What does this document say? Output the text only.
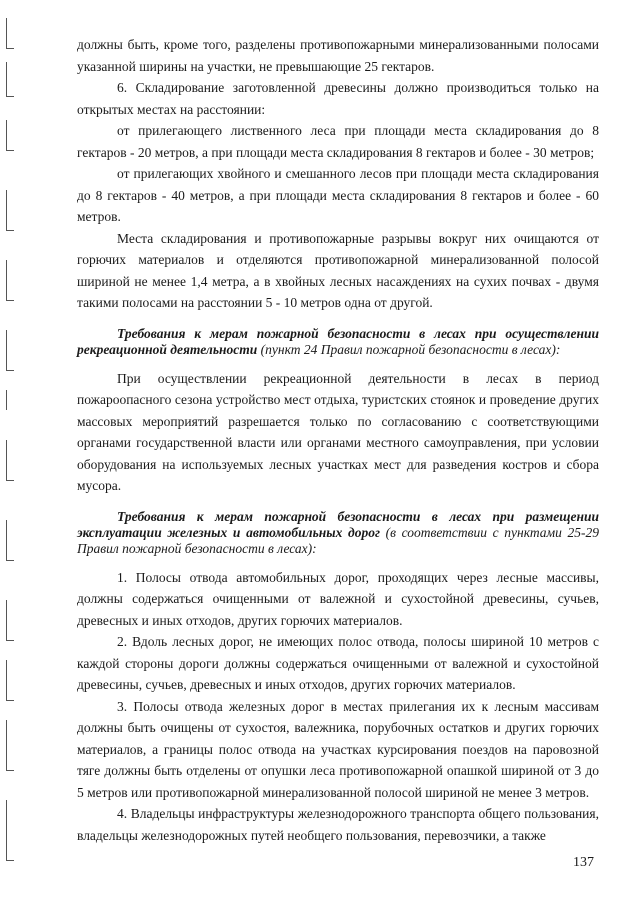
должны быть, кроме того, разделены противопожарными минерализованными полосами указанной ширины на участки, не превышающие 25 гектаров.

6. Складирование заготовленной древесины должно производиться только на открытых местах на расстоянии:

от прилегающего лиственного леса при площади места складирования до 8 гектаров - 20 метров, а при площади места складирования 8 гектаров и более - 30 метров;

от прилегающих хвойного и смешанного лесов при площади места складирования до 8 гектаров - 40 метров, а при площади места складирования 8 гектаров и более - 60 метров.

Места складирования и противопожарные разрывы вокруг них очищаются от горючих материалов и отделяются противопожарной минерализованной полосой шириной не менее 1,4 метра, а в хвойных лесных насаждениях на сухих почвах - двумя такими полосами на расстоянии 5 - 10 метров одна от другой.

Требования к мерам пожарной безопасности в лесах при осуществлении рекреационной деятельности (пункт 24 Правил пожарной безопасности в лесах):

При осуществлении рекреационной деятельности в лесах в период пожароопасного сезона устройство мест отдыха, туристских стоянок и проведение других массовых мероприятий разрешается только по согласованию с соответствующими органами государственной власти или органами местного самоуправления, при условии оборудования на используемых лесных участках мест для разведения костров и сбора мусора.

Требования к мерам пожарной безопасности в лесах при размещении эксплуатации железных и автомобильных дорог (в соответствии с пунктами 25-29 Правил пожарной безопасности в лесах):

1. Полосы отвода автомобильных дорог, проходящих через лесные массивы, должны содержаться очищенными от валежной и сухостойной древесины, сучьев, древесных и иных отходов, других горючих материалов.

2. Вдоль лесных дорог, не имеющих полос отвода, полосы шириной 10 метров с каждой стороны дороги должны содержаться очищенными от валежной и сухостойной древесины, сучьев, древесных и иных отходов, других горючих материалов.

3. Полосы отвода железных дорог в местах прилегания их к лесным массивам должны быть очищены от сухостоя, валежника, порубочных остатков и других горючих материалов, а границы полос отвода на участках курсирования поездов на паровозной тяге должны быть отделены от опушки леса противопожарной опашкой шириной от 3 до 5 метров или противопожарной минерализованной полосой шириной не менее 3 метров.

4. Владельцы инфраструктуры железнодорожного транспорта общего пользования, владельцы железнодорожных путей необщего пользования, перевозчики, а также

137
